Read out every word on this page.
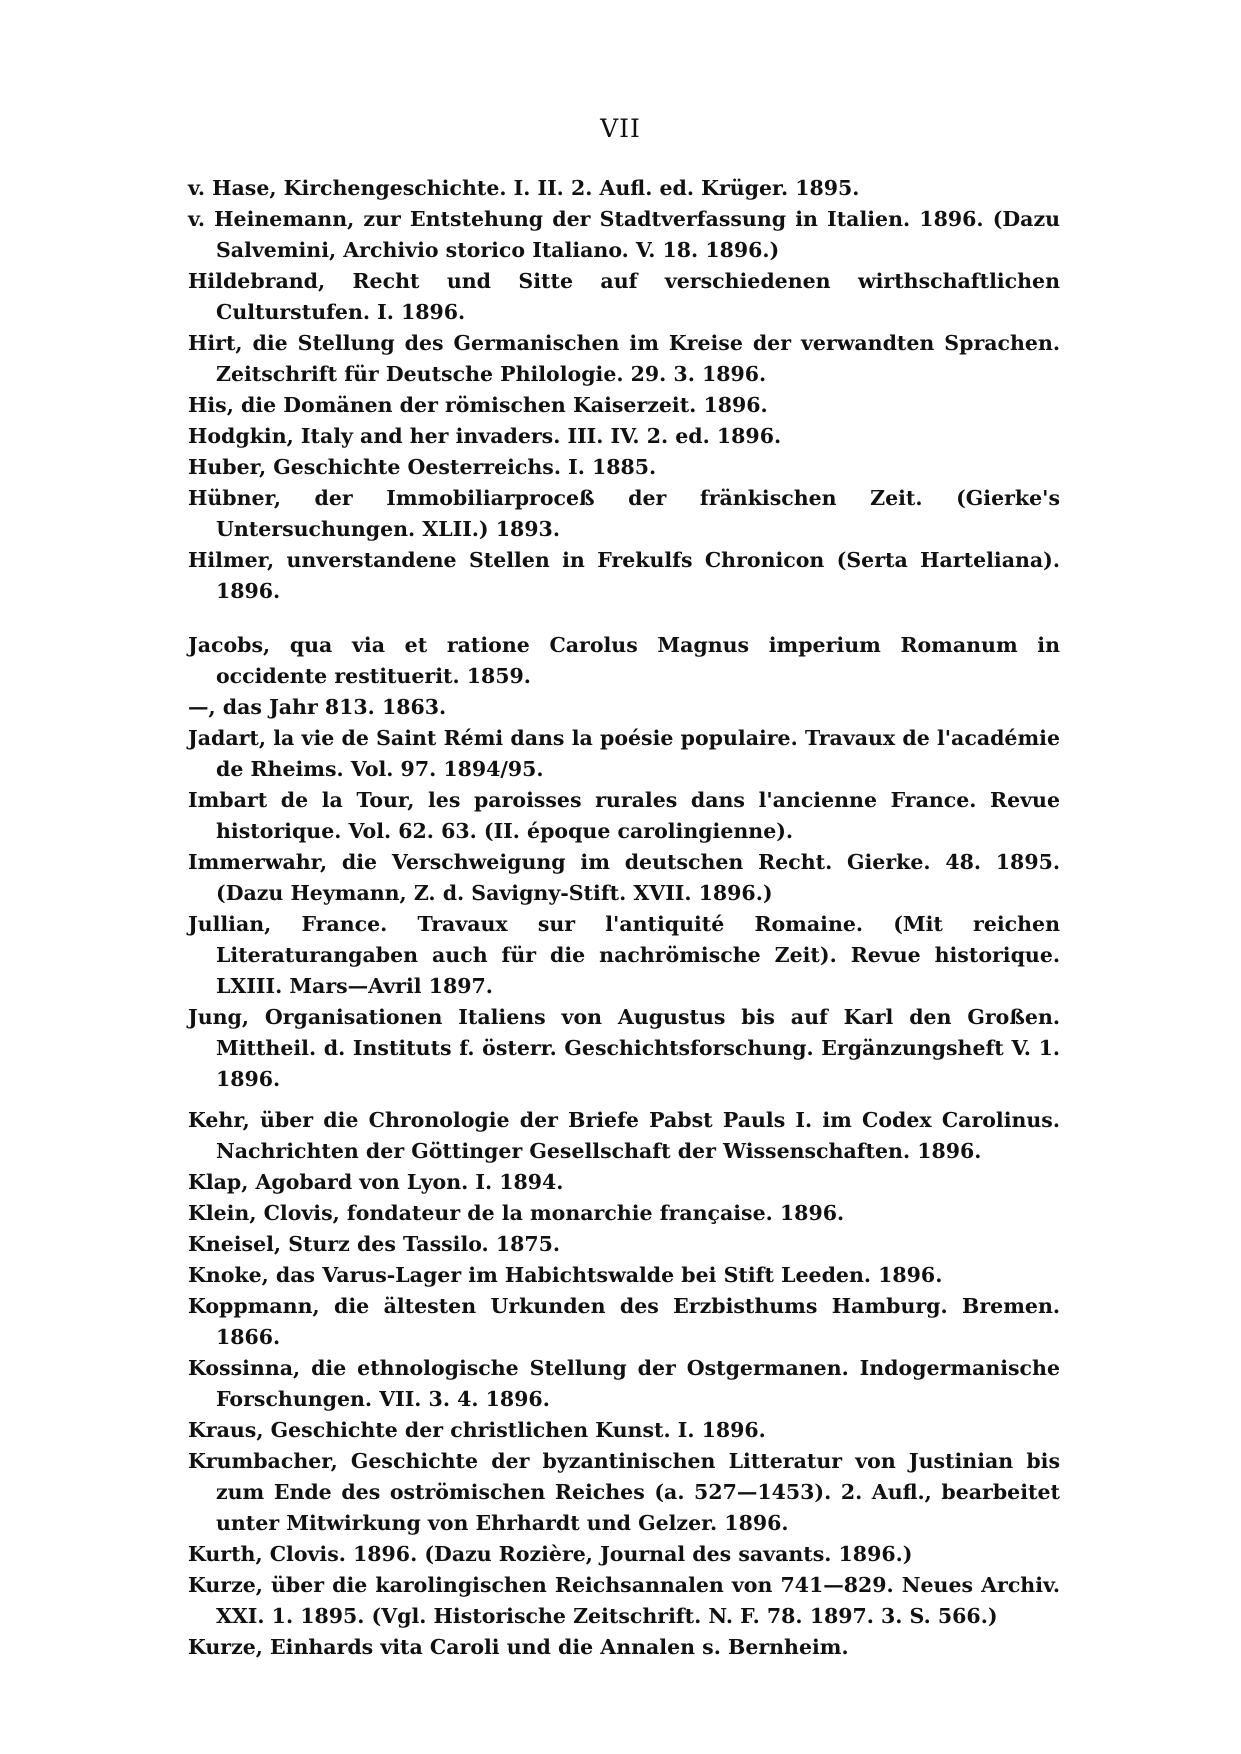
VII

v. Hase, Kirchengeschichte. I. II. 2. Aufl. ed. Krüger. 1895.

v. Heinemann, zur Entstehung der Stadtverfassung in Italien. 1896. (Dazu Salvemini, Archivio storico Italiano. V. 18. 1896.)

Hildebrand, Recht und Sitte auf verschiedenen wirthschaftlichen Culturstufen. I. 1896.

Hirt, die Stellung des Germanischen im Kreise der verwandten Sprachen. Zeitschrift für Deutsche Philologie. 29. 3. 1896.

His, die Domänen der römischen Kaiserzeit. 1896.

Hodgkin, Italy and her invaders. III. IV. 2. ed. 1896.

Huber, Geschichte Oesterreichs. I. 1885.

Hübner, der Immobiliarproceß der fränkischen Zeit. (Gierke's Untersuchungen. XLII.) 1893.

Hilmer, unverstandene Stellen in Frekulfs Chronicon (Serta Harteliana). 1896.

Jacobs, qua via et ratione Carolus Magnus imperium Romanum in occidente restituerit. 1859.

—, das Jahr 813. 1863.

Jadart, la vie de Saint Rémi dans la poésie populaire. Travaux de l'académie de Rheims. Vol. 97. 1894/95.

Imbart de la Tour, les paroisses rurales dans l'ancienne France. Revue historique. Vol. 62. 63. (II. époque carolingienne).

Immerwahr, die Verschweigung im deutschen Recht. Gierke. 48. 1895. (Dazu Heymann, Z. d. Savigny-Stift. XVII. 1896.)

Jullian, France. Travaux sur l'antiquité Romaine. (Mit reichen Literaturangaben auch für die nachrömische Zeit). Revue historique. LXIII. Mars—Avril 1897.

Jung, Organisationen Italiens von Augustus bis auf Karl den Großen. Mittheil. d. Instituts f. österr. Geschichtsforschung. Ergänzungsheft V. 1. 1896.

Kehr, über die Chronologie der Briefe Pabst Pauls I. im Codex Carolinus. Nachrichten der Göttinger Gesellschaft der Wissenschaften. 1896.

Klap, Agobard von Lyon. I. 1894.

Klein, Clovis, fondateur de la monarchie française. 1896.

Kneisel, Sturz des Tassilo. 1875.

Knoke, das Varus-Lager im Habichtswalde bei Stift Leeden. 1896.

Koppmann, die ältesten Urkunden des Erzbisthums Hamburg. Bremen. 1866.

Kossinna, die ethnologische Stellung der Ostgermanen. Indogermanische Forschungen. VII. 3. 4. 1896.

Kraus, Geschichte der christlichen Kunst. I. 1896.

Krumbacher, Geschichte der byzantinischen Litteratur von Justinian bis zum Ende des oströmischen Reiches (a. 527—1453). 2. Aufl., bearbeitet unter Mitwirkung von Ehrhardt und Gelzer. 1896.

Kurth, Clovis. 1896. (Dazu Rozière, Journal des savants. 1896.)

Kurze, über die karolingischen Reichsannalen von 741—829. Neues Archiv. XXI. 1. 1895. (Vgl. Historische Zeitschrift. N. F. 78. 1897. 3. S. 566.)

Kurze, Einhards vita Caroli und die Annalen s. Bernheim.
